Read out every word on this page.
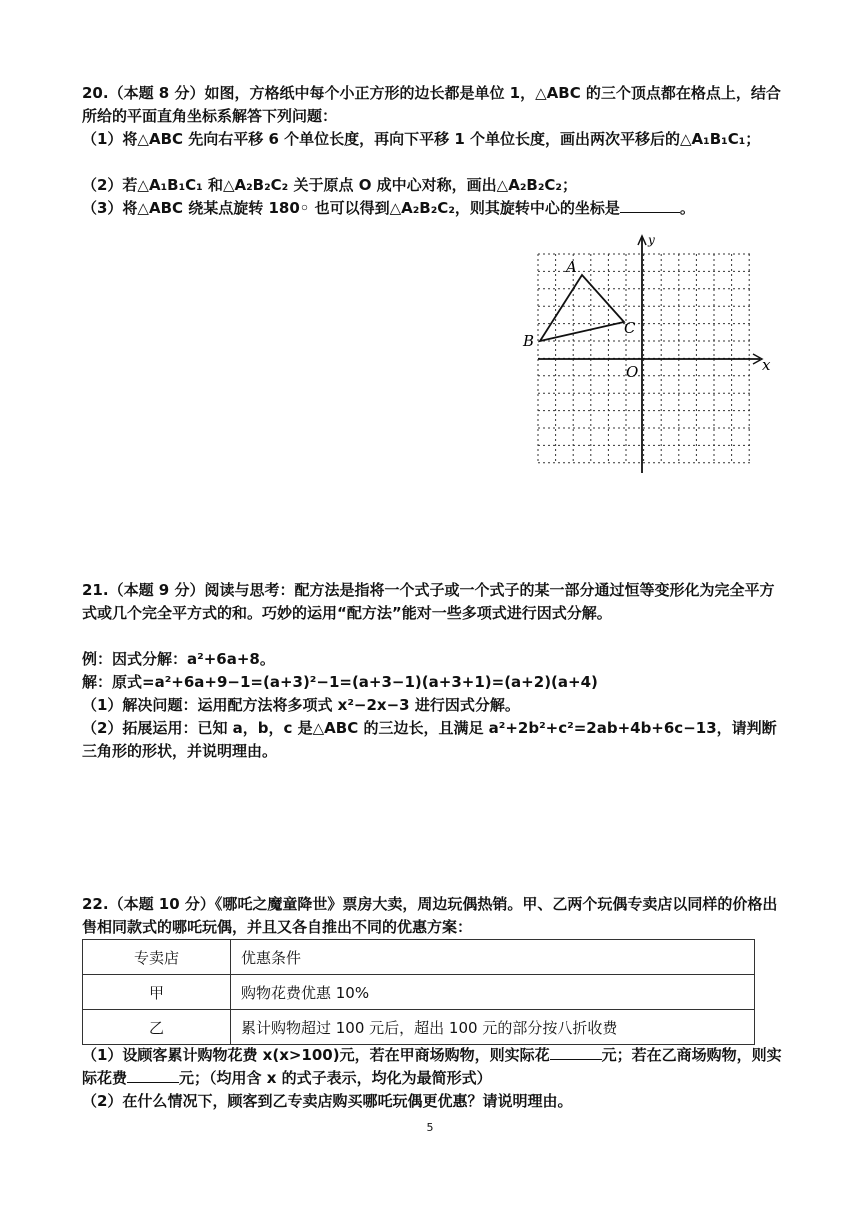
20.（本题 8 分）如图，方格纸中每个小正方形的边长都是单位 1，△ABC 的三个顶点都在格点上，结合所给的平面直角坐标系解答下列问题：

（1）将△ABC 先向右平移 6 个单位长度，再向下平移 1 个单位长度，画出两次平移后的△A₁B₁C₁；

（2）若△A₁B₁C₁ 和△A₂B₂C₂ 关于原点 O 成中心对称，画出△A₂B₂C₂；

（3）将△ABC 绕某点旋转 180◦ 也可以得到△A₂B₂C₂，则其旋转中心的坐标是	。

A
B
C
O	x
y

21.（本题 9 分）阅读与思考：配方法是指将一个式子或一个式子的某一部分通过恒等变形化为完全平方式或几个完全平方式的和。巧妙的运用“配方法”能对一些多项式进行因式分解。

例：因式分解：a²+6a+8。

解：原式=a²+6a+9−1=(a+3)²−1=(a+3−1)(a+3+1)=(a+2)(a+4)

（1）解决问题：运用配方法将多项式 x²−2x−3 进行因式分解。

（2）拓展运用：已知 a，b，c 是△ABC 的三边长，且满足 a²+2b²+c²=2ab+4b+6c−13，请判断三角形的形状，并说明理由。

22.（本题 10 分）《哪吒之魔童降世》票房大卖，周边玩偶热销。甲、乙两个玩偶专卖店以同样的价格出售相同款式的哪吒玩偶，并且又各自推出不同的优惠方案：

专卖店	优惠条件
甲	购物花费优惠 10%
乙	累计购物超过 100 元后，超出 100 元的部分按八折收费

（1）设顾客累计购物花费 x(x>100)元，若在甲商场购物，则实际花	元；若在乙商场购物，则实际花费	元；（均用含 x 的式子表示，均化为最简形式）

（2）在什么情况下，顾客到乙专卖店购买哪吒玩偶更优惠？请说明理由。

5
